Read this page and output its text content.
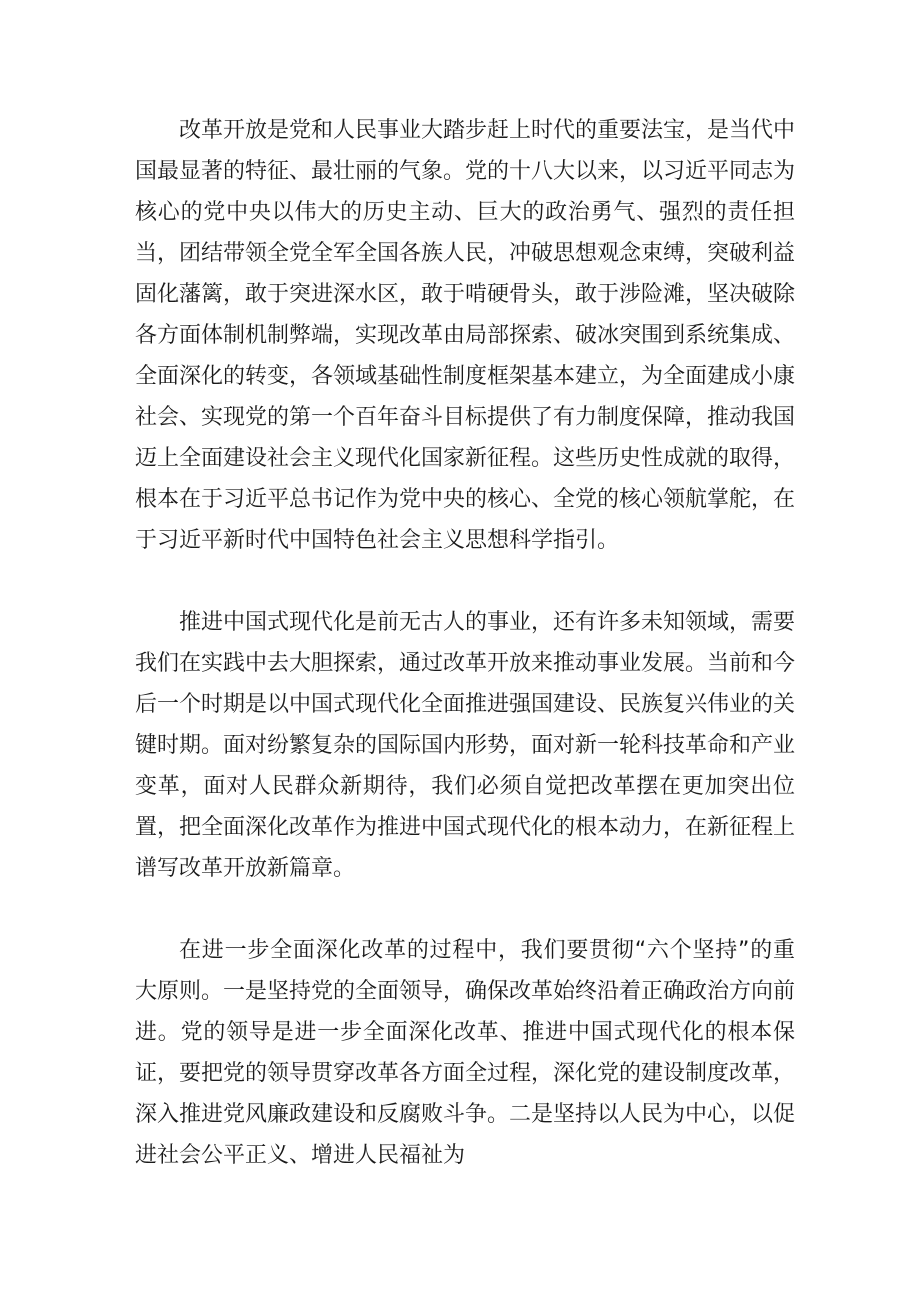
改革开放是党和人民事业大踏步赶上时代的重要法宝，是当代中国最显著的特征、最壮丽的气象。党的十八大以来，以习近平同志为核心的党中央以伟大的历史主动、巨大的政治勇气、强烈的责任担当，团结带领全党全军全国各族人民，冲破思想观念束缚，突破利益固化藩篱，敢于突进深水区，敢于啃硬骨头，敢于涉险滩，坚决破除各方面体制机制弊端，实现改革由局部探索、破冰突围到系统集成、全面深化的转变，各领域基础性制度框架基本建立，为全面建成小康社会、实现党的第一个百年奋斗目标提供了有力制度保障，推动我国迈上全面建设社会主义现代化国家新征程。这些历史性成就的取得，根本在于习近平总书记作为党中央的核心、全党的核心领航掌舵，在于习近平新时代中国特色社会主义思想科学指引。

推进中国式现代化是前无古人的事业，还有许多未知领域，需要我们在实践中去大胆探索，通过改革开放来推动事业发展。当前和今后一个时期是以中国式现代化全面推进强国建设、民族复兴伟业的关键时期。面对纷繁复杂的国际国内形势，面对新一轮科技革命和产业变革，面对人民群众新期待，我们必须自觉把改革摆在更加突出位置，把全面深化改革作为推进中国式现代化的根本动力，在新征程上谱写改革开放新篇章。

在进一步全面深化改革的过程中，我们要贯彻“六个坚持”的重大原则。一是坚持党的全面领导，确保改革始终沿着正确政治方向前进。党的领导是进一步全面深化改革、推进中国式现代化的根本保证，要把党的领导贯穿改革各方面全过程，深化党的建设制度改革，深入推进党风廉政建设和反腐败斗争。二是坚持以人民为中心，以促进社会公平正义、增进人民福祉为
